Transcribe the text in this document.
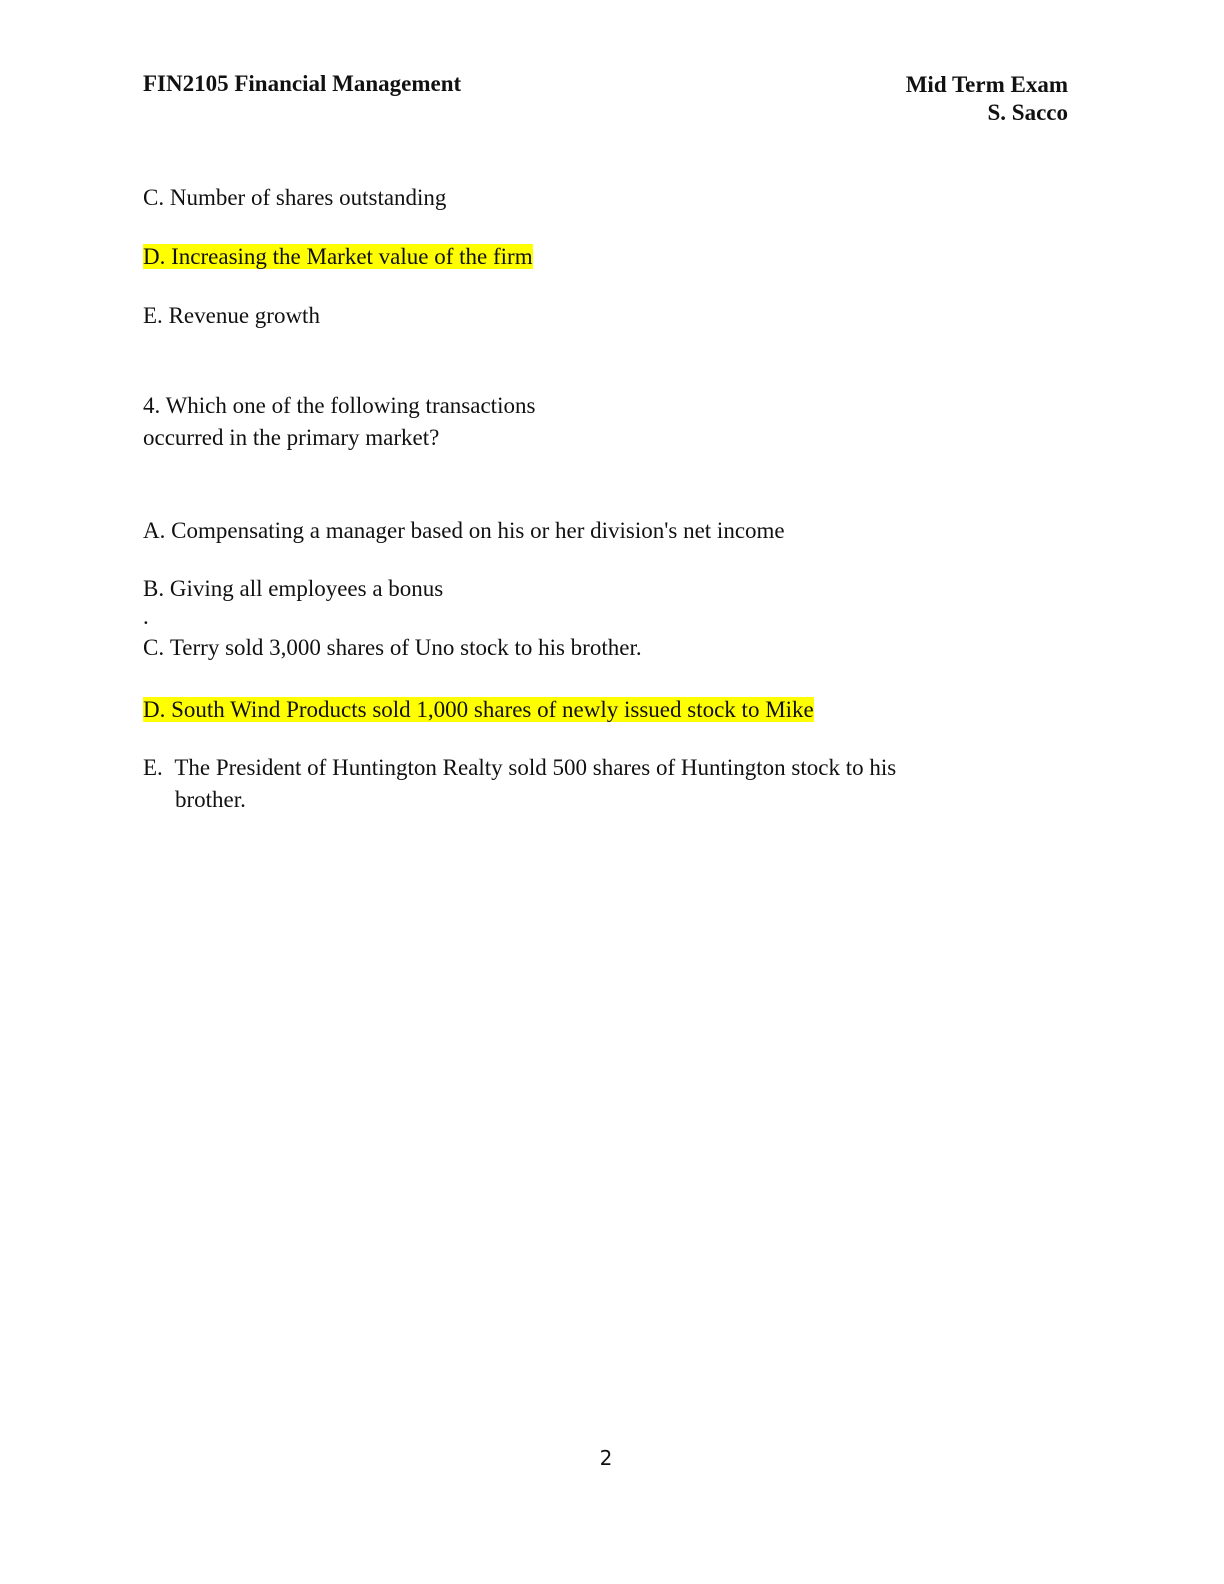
FIN2105 Financial Management	Mid Term Exam
S. Sacco
C. Number of shares outstanding
D. Increasing the Market value of the firm
E. Revenue growth
4. Which one of the following transactions
occurred in the primary market?
A. Compensating a manager based on his or her division's net income
B. Giving all employees a bonus
.
C. Terry sold 3,000 shares of Uno stock to his brother.
D. South Wind Products sold 1,000 shares of newly issued stock to Mike
E. The President of Huntington Realty sold 500 shares of Huntington stock to his
brother.
2
